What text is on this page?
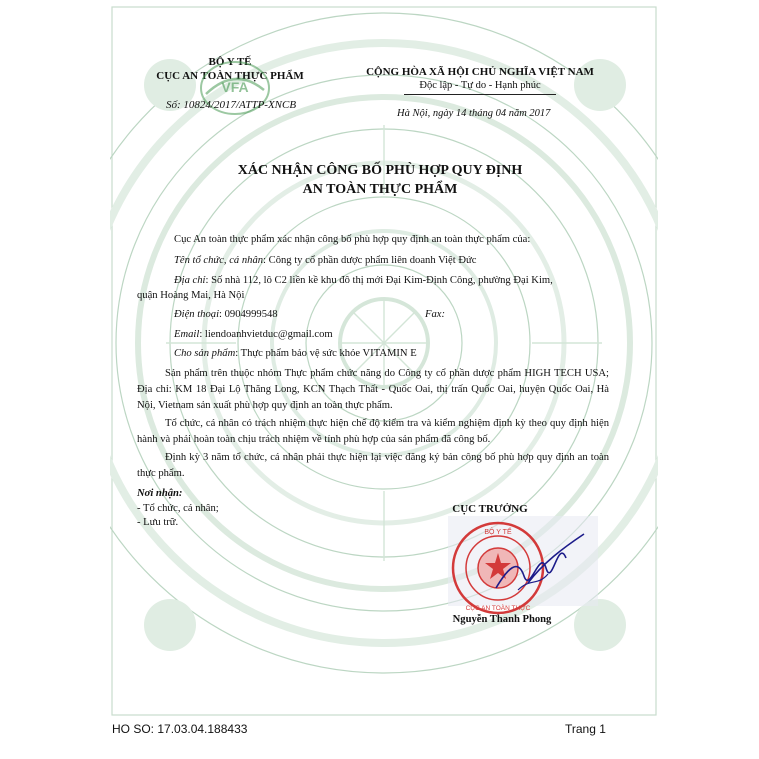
BỘ Y TẾ

CỤC AN TOÀN THỰC PHẨM

VFA

Số: 10824/2017/ATTP-XNCB

CỘNG HÒA XÃ HỘI CHỦ NGHĨA VIỆT NAM

Độc lập - Tự do - Hạnh phúc

Hà Nội, ngày 14 tháng 04 năm 2017

XÁC NHẬN CÔNG BỐ PHÙ HỢP QUY ĐỊNH

AN TOÀN THỰC PHẨM

Cục An toàn thực phẩm xác nhận công bố phù hợp quy định an toàn thực phẩm của:

Tên tổ chức, cá nhân: Công ty cổ phần dược phẩm liên doanh Việt Đức

Địa chỉ: Số nhà 112, lô C2 liền kề khu đô thị mới Đại Kim-Định Công, phường Đại Kim,

quận Hoàng Mai, Hà Nội

Điện thoại: 0904999548	Fax:

Email: liendoanhvietduc@gmail.com

Cho sản phẩm: Thực phẩm bảo vệ sức khỏe VITAMIN E

Sản phẩm trên thuộc nhóm Thực phẩm chức năng do Công ty cổ phần dược phẩm HIGH TECH USA; Địa chỉ: KM 18 Đại Lộ Thăng Long, KCN Thạch Thất - Quốc Oai, thị trấn Quốc Oai, huyện Quốc Oai, Hà Nội, Vietnam sản xuất phù hợp quy định an toàn thực phẩm.

Tổ chức, cá nhân có trách nhiệm thực hiện chế độ kiểm tra và kiểm nghiệm định kỳ theo quy định hiện hành và phải hoàn toàn chịu trách nhiệm về tính phù hợp của sản phẩm đã công bố.

Định kỳ 3 năm tổ chức, cá nhân phải thực hiện lại việc đăng ký bản công bố phù hợp quy định an toàn thực phẩm.

Nơi nhận:

- Tổ chức, cá nhân;

- Lưu trữ.

CỤC TRƯỞNG

BỘ Y TẾ
CỤC AN TOÀN THỰC

Nguyễn Thanh Phong

HO SO: 17.03.04.188433	Trang 1
